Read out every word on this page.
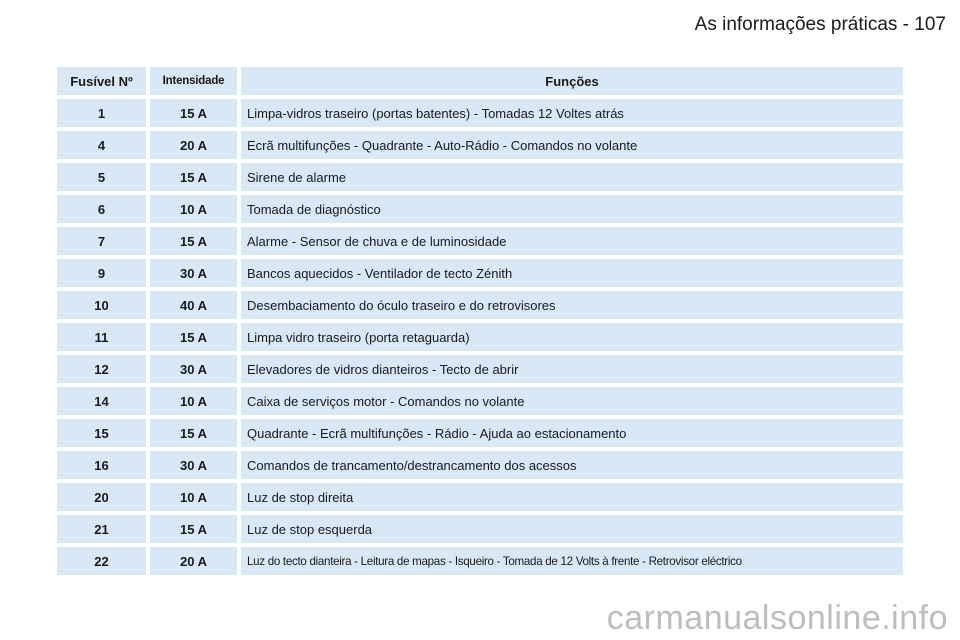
As informações práticas - 107
Fusível Nº	Intensidade	Funções
1	15 A	Limpa-vidros traseiro (portas batentes) - Tomadas 12 Voltes atrás
4	20 A	Ecrã multifunções - Quadrante - Auto-Rádio - Comandos no volante
5	15 A	Sirene de alarme
6	10 A	Tomada de diagnóstico
7	15 A	Alarme - Sensor de chuva e de luminosidade
9	30 A	Bancos aquecidos - Ventilador de tecto Zénith
10	40 A	Desembaciamento do óculo traseiro e do retrovisores
11	15 A	Limpa vidro traseiro (porta retaguarda)
12	30 A	Elevadores de vidros dianteiros - Tecto de abrir
14	10 A	Caixa de serviços motor - Comandos no volante
15	15 A	Quadrante - Ecrã multifunções - Rádio - Ajuda ao estacionamento
16	30 A	Comandos de trancamento/destrancamento dos acessos
20	10 A	Luz de stop direita
21	15 A	Luz de stop esquerda
22	20 A	Luz do tecto dianteira - Leitura de mapas - Isqueiro - Tomada de 12 Volts à frente - Retrovisor eléctrico
carmanualsonline.info
